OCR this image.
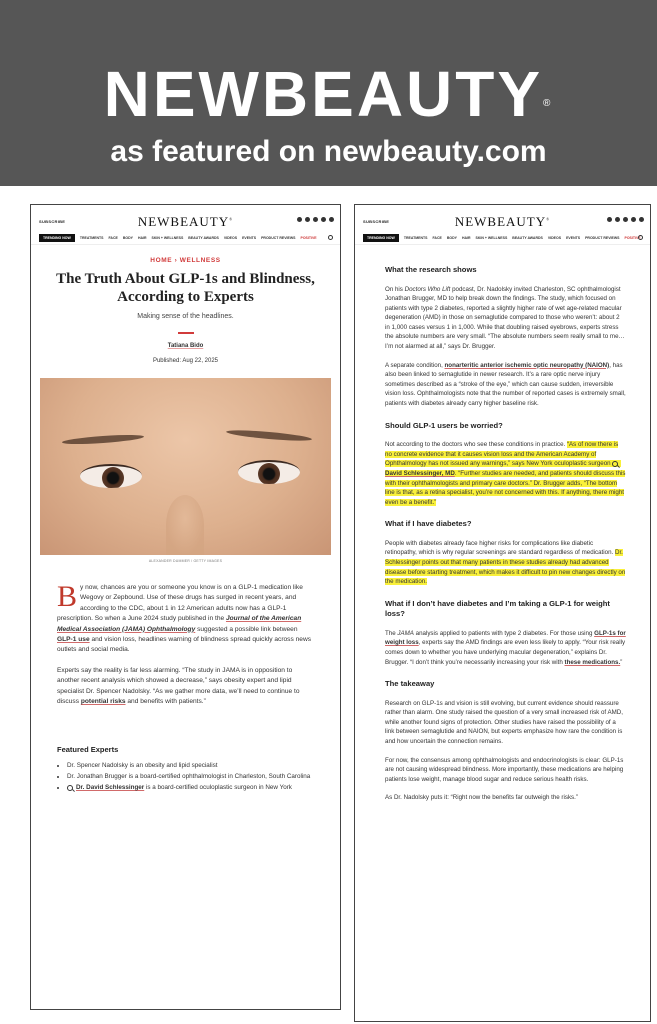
NEWBEAUTY®
as featured on newbeauty.com
SUBSCRIBE	NEWBEAUTY®
TRENDING NOW	TREATMENTS FACE BODY HAIR SKIN + WELLNESS BEAUTY AWARDS VIDEOS EVENTS PRODUCT REVIEWS POSITIVE
HOME › WELLNESS
The Truth About GLP-1s and Blindness, According to Experts
Making sense of the headlines.
Tatiana Bido
Published: Aug 22, 2025
ALEXANDER DUMMER / GETTY IMAGES

By now, chances are you or someone you know is on a GLP-1 medication like Wegovy or Zepbound. Use of these drugs has surged in recent years, and according to the CDC, about 1 in 12 American adults now has a GLP-1 prescription. So when a June 2024 study published in the Journal of the American Medical Association (JAMA) Ophthalmology suggested a possible link between GLP-1 use and vision loss, headlines warning of blindness spread quickly across news outlets and social media.

Experts say the reality is far less alarming. “The study in JAMA is in opposition to another recent analysis which showed a decrease,” says obesity expert and lipid specialist Dr. Spencer Nadolsky. “As we gather more data, we’ll need to continue to discuss potential risks and benefits with patients.”

Featured Experts
• Dr. Spencer Nadolsky is an obesity and lipid specialist
• Dr. Jonathan Brugger is a board-certified ophthalmologist in Charleston, South Carolina
• Dr. David Schlessinger is a board-certified oculoplastic surgeon in New York
SUBSCRIBE	NEWBEAUTY®
TRENDING NOW	TREATMENTS FACE BODY HAIR SKIN + WELLNESS BEAUTY AWARDS VIDEOS EVENTS PRODUCT REVIEWS POSITIVE
What the research shows

On his Doctors Who Lift podcast, Dr. Nadolsky invited Charleston, SC ophthalmologist Jonathan Brugger, MD to help break down the findings. The study, which focused on patients with type 2 diabetes, reported a slightly higher rate of wet age-related macular degeneration (AMD) in those on semaglutide compared to those who weren’t: about 2 in 1,000 cases versus 1 in 1,000. While that doubling raised eyebrows, experts stress the absolute numbers are very small. “The absolute numbers seem really small to me…I’m not alarmed at all,” says Dr. Brugger.

A separate condition, nonarteritic anterior ischemic optic neuropathy (NAION), has also been linked to semaglutide in newer research. It’s a rare optic nerve injury sometimes described as a “stroke of the eye,” which can cause sudden, irreversible vision loss. Ophthalmologists note that the number of reported cases is extremely small, patients with diabetes already carry higher baseline risk.

Should GLP-1 users be worried?

Not according to the doctors who see these conditions in practice. “As of now there is no concrete evidence that it causes vision loss and the American Academy of Ophthalmology has not issued any warnings,” says New York oculoplastic surgeon David Schlessinger, MD. “Further studies are needed, and patients should discuss this with their ophthalmologists and primary care doctors.” Dr. Brugger adds, “The bottom line is that, as a retina specialist, you’re not concerned with this. If anything, there might even be a benefit.”

What if I have diabetes?

People with diabetes already face higher risks for complications like diabetic retinopathy, which is why regular screenings are standard regardless of medication. Dr. Schlessinger points out that many patients in these studies already had advanced disease before starting treatment, which makes it difficult to pin new changes directly on the medication.

What if I don’t have diabetes and I’m taking a GLP-1 for weight loss?

The JAMA analysis applied to patients with type 2 diabetes. For those using GLP-1s for weight loss, experts say the AMD findings are even less likely to apply. “Your risk really comes down to whether you have underlying macular degeneration,” explains Dr. Brugger. “I don’t think you’re necessarily increasing your risk with these medications.”

The takeaway

Research on GLP-1s and vision is still evolving, but current evidence should reassure rather than alarm. One study raised the question of a very small increased risk of AMD, while another found signs of protection. Other studies have raised the possibility of a link between semaglutide and NAION, but experts emphasize how rare the condition is and how uncertain the connection remains.

For now, the consensus among ophthalmologists and endocrinologists is clear: GLP-1s are not causing widespread blindness. More importantly, these medications are helping patients lose weight, manage blood sugar and reduce serious health risks.

As Dr. Nadolsky puts it: “Right now the benefits far outweigh the risks.”
